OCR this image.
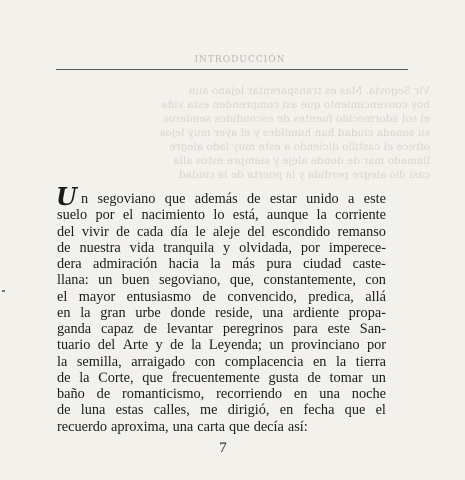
INTRODUCCIÓN
Vir Segovia. Mas es transparentar lejano aun
hoy convencimiento que asi comprenden esta vida
el sol adormecido fuentes de escondidos senderos
su sonada ciudad han humildes y el ayer muy lejos
ofrece el castillo diciendo a este muy lado alegre
llamado mar de donde aleje y siempre estos alla
casi dio alegre perdida y la puerta de la ciudad
U n segoviano que además de estar unido a este
suelo por el nacimiento lo está, aunque la corriente
del vivir de cada día le aleje del escondido remanso
de nuestra vida tranquila y olvidada, por imperece-
dera admiración hacia la más pura ciudad caste-
llana: un buen segoviano, que, constantemente, con
el mayor entusiasmo de convencido, predica, allá
en la gran urbe donde reside, una ardiente propa-
ganda capaz de levantar peregrinos para este San-
tuario del Arte y de la Leyenda; un provinciano por
la semilla, arraigado con complacencia en la tierra
de la Corte, que frecuentemente gusta de tomar un
baño de romanticismo, recorriendo en una noche
de luna estas calles, me dirigió, en fecha que el
recuerdo aproxima, una carta que decía así:
7
